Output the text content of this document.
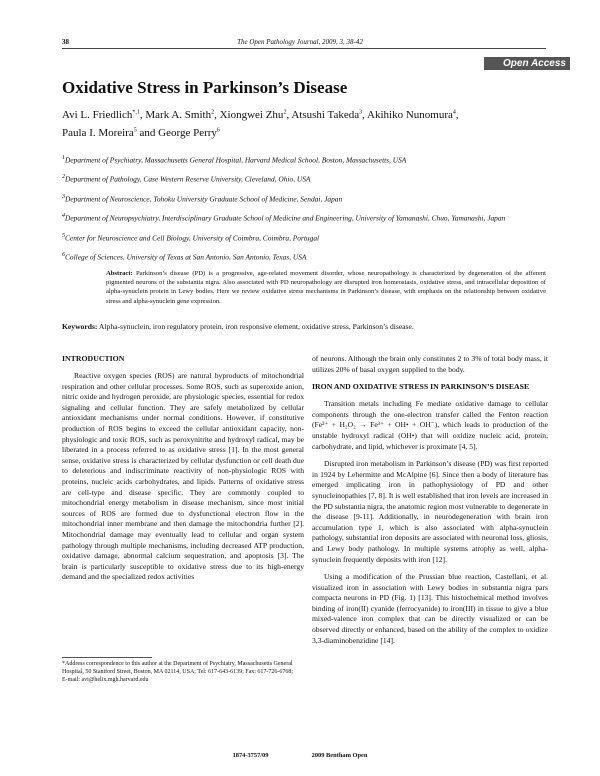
38	The Open Pathology Journal, 2009, 3, 38-42
Open Access
Oxidative Stress in Parkinson’s Disease
Avi L. Friedlich$^{*,1}$, Mark A. Smith$^2$, Xiongwei Zhu$^2$, Atsushi Takeda$^3$, Akihiko Nunomura$^4$,
Paula I. Moreira$^5$ and George Perry$^6$

$^1$Department of Psychiatry, Massachusetts General Hospital, Harvard Medical School, Boston, Massachusetts, USA

$^2$Department of Pathology, Case Western Reserve University, Cleveland, Ohio, USA

$^3$Department of Neuroscience, Tohoku University Graduate School of Medicine, Sendai, Japan

$^4$Department of Neuropsychiatry, Interdisciplinary Graduate School of Medicine and Engineering, University of Yamanashi, Chuo, Yamanashi, Japan

$^5$Center for Neuroscience and Cell Biology, University of Coimbra, Coimbra, Portugal

$^6$College of Sciences, University of Texas at San Antonio, San Antonio, Texas, USA

Abstract: Parkinson’s disease (PD) is a progressive, age-related movement disorder, whose neuropathology is characterized by degeneration of the afferent pigmented neurons of the substantia nigra. Also associated with PD neuropathology are disrupted iron homeostasis, oxidative stress, and intracellular deposition of alpha-synuclein protein in Lewy bodies. Here we review oxidative stress mechanisms in Parkinson’s disease, with emphasis on the relationship between oxidative stress and alpha-synuclein gene expression.
Keywords: Alpha-synuclein, iron regulatory protein, iron responsive element, oxidative stress, Parkinson’s disease.
INTRODUCTION

Reactive oxygen species (ROS) are natural byproducts of mitochondrial respiration and other cellular processes. Some ROS, such as superoxide anion, nitric oxide and hydrogen peroxide, are physiologic species, essential for redox signaling and cellular function. They are safely metabolized by cellular antioxidant mechanisms under normal conditions. However, if constitutive production of ROS begins to exceed the cellular antioxidant capacity, non-physiologic and toxic ROS, such as peroxynitrite and hydroxyl radical, may be liberated in a process referred to as oxidative stress [1]. In the most general sense, oxidative stress is characterized by cellular dysfunction or cell death due to deleterious and indiscriminate reactivity of non-physiologic ROS with proteins, nucleic acids carbohydrates, and lipids. Patterns of oxidative stress are cell-type and disease specific. They are commonly coupled to mitochondrial energy metabolism in disease mechanism, since most initial sources of ROS are formed due to dysfunctional electron flow in the mitochondrial inner membrane and then damage the mitochondria further [2]. Mitochondrial damage may eventually lead to cellular and organ system pathology through multiple mechanisms, including decreased ATP production, oxidative damage, abnormal calcium sequestration, and apoptosis [3]. The brain is particularly susceptible to oxidative stress due to its high-energy demand and the specialized redox activities

of neurons. Although the brain only constitutes 2 to 3% of total body mass, it utilizes 20% of basal oxygen supplied to the body.

IRON AND OXIDATIVE STRESS IN PARKINSON’S DISEASE

Transition metals including Fe mediate oxidative damage to cellular components through the one-electron transfer called the Fenton reaction (Fe²⁺ + H₂O₂ → Fe³⁺ + OH• + OH⁻), which leads to production of the unstable hydroxyl radical (OH•) that will oxidize nucleic acid, protein, carbohydrate, and lipid, whichever is proximate [4, 5].

Disrupted iron metabolism in Parkinson’s disease (PD) was first reported in 1924 by Lehermitte and McAlpine [6]. Since then a body of literature has emerged implicating iron in pathophysiology of PD and other synucleinopathies [7, 8]. It is well established that iron levels are increased in the PD substantia nigra, the anatomic region most vulnerable to degenerate in the disease [9-11]. Additionally, in neurodegeneration with brain iron accumulation type 1, which is also associated with alpha-synuclein pathology, substantial iron deposits are associated with neuronal loss, gliosis, and Lewy body pathology. In multiple systems atrophy as well, alpha-synuclein frequently deposits with iron [12].

Using a modification of the Prussian blue reaction, Castellani, et al. visualized iron in association with Lewy bodies in substantia nigra pars compacta neurons in PD (Fig. 1) [13]. This histochemical method involves binding of iron(II) cyanide (ferrocyanide) to iron(III) in tissue to give a blue mixed-valence iron complex that can be directly visualized or can be observed directly or enhanced, based on the ability of the complex to oxidize 3,3-diaminobenzidine [14].

*Address correspondence to this author at the Department of Psychiatry, Massachusetts General Hospital, 50 Staniford Street, Boston, MA 02114, USA; Tel: 617-643-6139; Fax: 617-726-6768;
E-mail: avi@helix.mgh.harvard.edu
1874-3757/09	2009 Bentham Open
